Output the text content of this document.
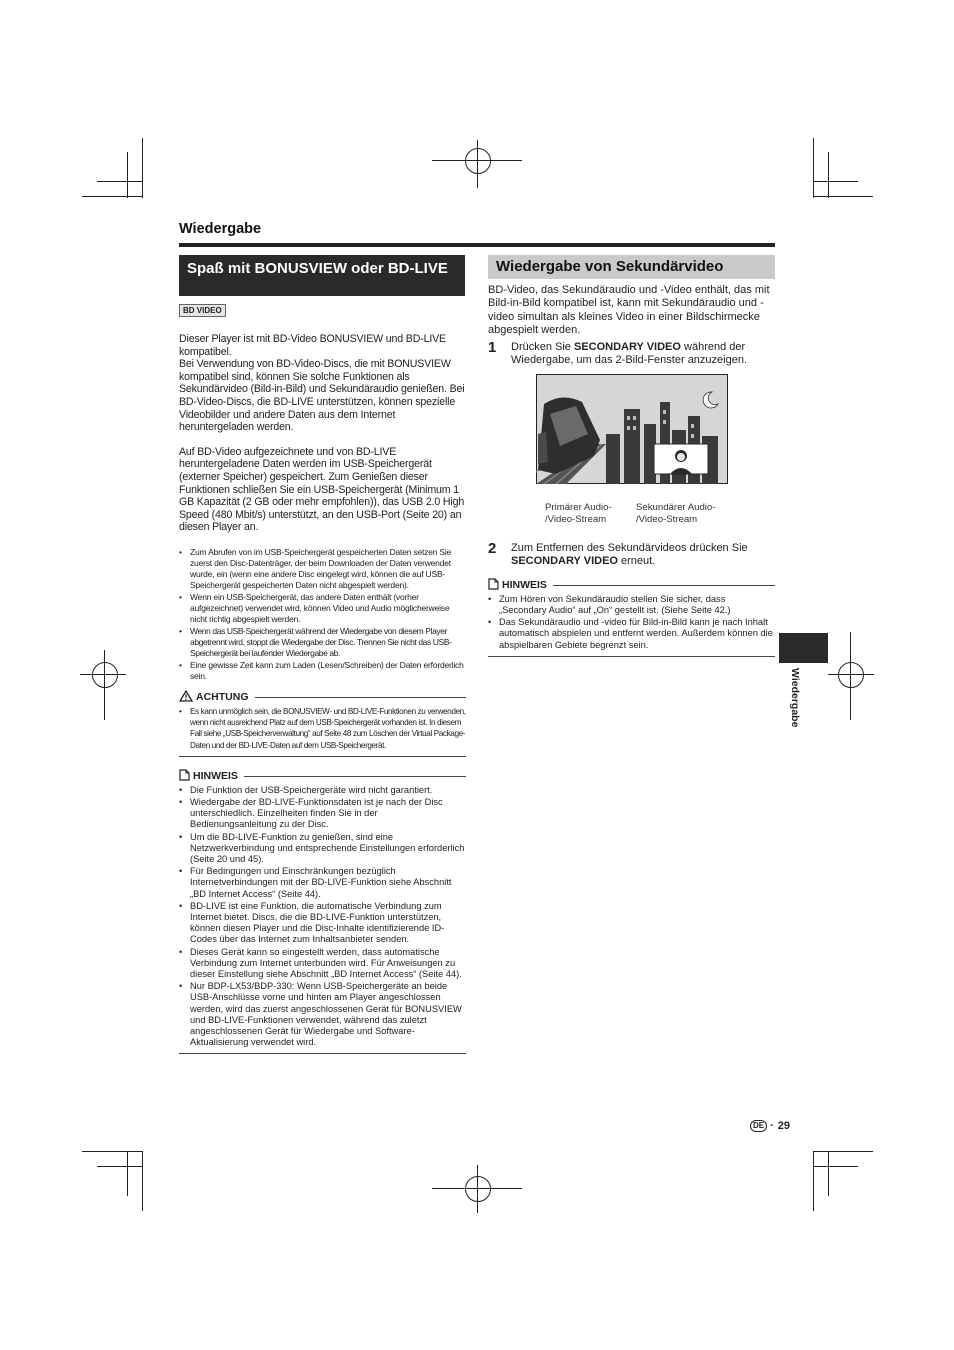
Wiedergabe
Spaß mit BONUSVIEW oder BD-LIVE
BD VIDEO

Dieser Player ist mit BD-Video BONUSVIEW und BD-LIVE kompatibel.
Bei Verwendung von BD-Video-Discs, die mit BONUSVIEW kompatibel sind, können Sie solche Funktionen als Sekundärvideo (Bild-in-Bild) und Sekundäraudio genießen. Bei BD-Video-Discs, die BD-LIVE unterstützen, können spezielle Videobilder und andere Daten aus dem Internet heruntergeladen werden.

Auf BD-Video aufgezeichnete und von BD-LIVE heruntergeladene Daten werden im USB-Speichergerät (externer Speicher) gespeichert. Zum Genießen dieser Funktionen schließen Sie ein USB-Speichergerät (Minimum 1 GB Kapazität (2 GB oder mehr empfohlen)), das USB 2.0 High Speed (480 Mbit/s) unterstützt, an den USB-Port (Seite 20) an diesen Player an.

• Zum Abrufen von im USB-Speichergerät gespeicherten Daten setzen Sie zuerst den Disc-Datenträger, der beim Downloaden der Daten verwendet wurde, ein (wenn eine andere Disc eingelegt wird, können die auf USB-Speichergerät gespeicherten Daten nicht abgespielt werden).

• Wenn ein USB-Speichergerät, das andere Daten enthält (vorher aufgezeichnet) verwendet wird, können Video und Audio möglicherweise nicht richtig abgespielt werden.

• Wenn das USB-Speichergerät während der Wiedergabe von diesem Player abgetrennt wird, stoppt die Wiedergabe der Disc. Trennen Sie nicht das USB-Speichergerät bei laufender Wiedergabe ab.

• Eine gewisse Zeit kann zum Laden (Lesen/Schreiben) der Daten erforderlich sein.

ACHTUNG

• Es kann unmöglich sein, die BONUSVIEW- und BD-LIVE-Funktionen zu verwenden, wenn nicht ausreichend Platz auf dem USB-Speichergerät vorhanden ist. In diesem Fall siehe „USB-Speicherverwaltung“ auf Seite 48 zum Löschen der Virtual Package-Daten und der BD-LIVE-Daten auf dem USB-Speichergerät.

HINWEIS

• Die Funktion der USB-Speichergeräte wird nicht garantiert.

• Wiedergabe der BD-LIVE-Funktionsdaten ist je nach der Disc unterschiedlich. Einzelheiten finden Sie in der Bedienungsanleitung zu der Disc.

• Um die BD-LIVE-Funktion zu genießen, sind eine Netzwerkverbindung und entsprechende Einstellungen erforderlich (Seite 20 und 45).

• Für Bedingungen und Einschränkungen bezüglich Internetverbindungen mit der BD-LIVE-Funktion siehe Abschnitt „BD Internet Access“ (Seite 44).

• BD-LIVE ist eine Funktion, die automatische Verbindung zum Internet bietet. Discs, die die BD-LIVE-Funktion unterstützen, können diesen Player und die Disc-Inhalte identifizierende ID-Codes über das Internet zum Inhaltsanbieter senden.

• Dieses Gerät kann so eingestellt werden, dass automatische Verbindung zum Internet unterbunden wird. Für Anweisungen zu dieser Einstellung siehe Abschnitt „BD Internet Access“ (Seite 44).

• Nur BDP-LX53/BDP-330: Wenn USB-Speichergeräte an beide USB-Anschlüsse vorne und hinten am Player angeschlossen werden, wird das zuerst angeschlossenen Gerät für BONUSVIEW und BD-LIVE-Funktionen verwendet, während das zuletzt angeschlossenen Gerät für Wiedergabe und Software-Aktualisierung verwendet wird.

Wiedergabe von Sekundärvideo

BD-Video, das Sekundäraudio und -Video enthält, das mit Bild-in-Bild kompatibel ist, kann mit Sekundäraudio und -video simultan als kleines Video in einer Bildschirmecke abgespielt werden.

1	Drücken Sie SECONDARY VIDEO während der Wiedergabe, um das 2-Bild-Fenster anzuzeigen.

Primärer Audio-
/Video-Stream
Sekundärer Audio-
/Video-Stream
2	Zum Entfernen des Sekundärvideos drücken Sie SECONDARY VIDEO erneut.

HINWEIS

• Zum Hören von Sekundäraudio stellen Sie sicher, dass „Secondary Audio“ auf „On“ gestellt ist. (Siehe Seite 42.)

• Das Sekundäraudio und -video für Bild-in-Bild kann je nach Inhalt automatisch abspielen und entfernt werden. Außerdem können die abspielbaren Gebiete begrenzt sein.

Wiedergabe
DE · 29
